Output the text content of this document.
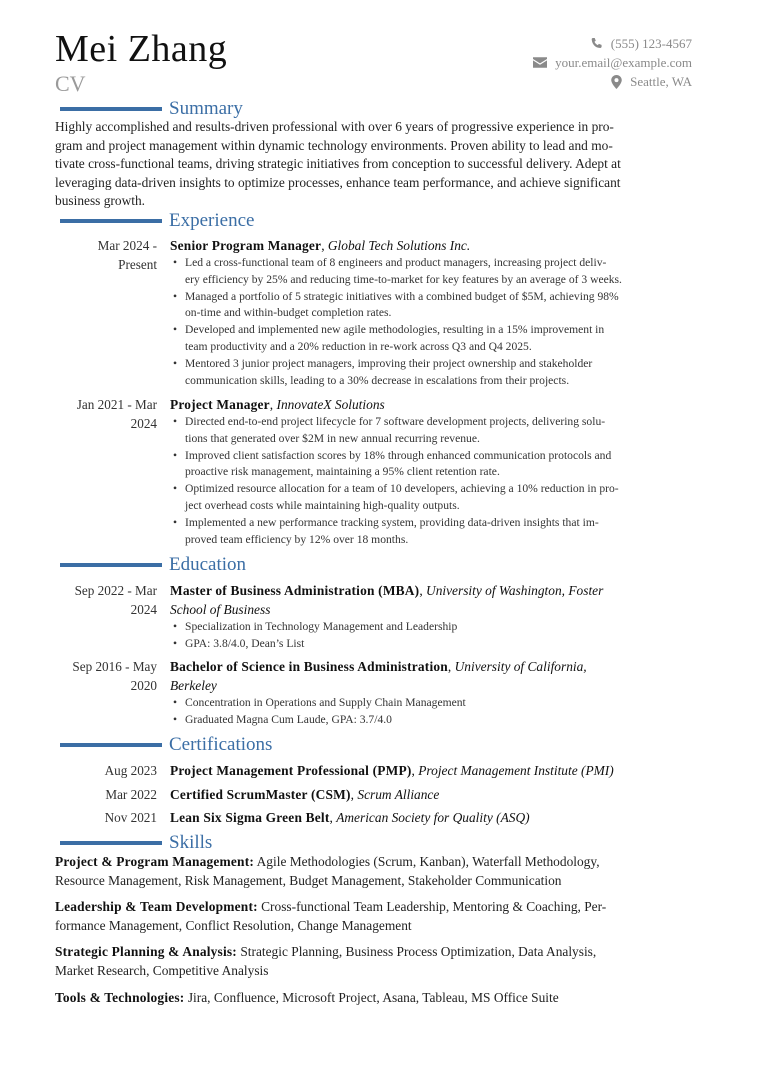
Mei Zhang
CV
(555) 123-4567
your.email@example.com
Seattle, WA
Summary
Highly accomplished and results-driven professional with over 6 years of progressive experience in pro-
gram and project management within dynamic technology environments. Proven ability to lead and mo-
tivate cross-functional teams, driving strategic initiatives from conception to successful delivery. Adept at
leveraging data-driven insights to optimize processes, enhance team performance, and achieve significant
business growth.
Experience
Mar 2024 -
Present
Senior Program Manager, Global Tech Solutions Inc.
• Led a cross-functional team of 8 engineers and product managers, increasing project deliv-
ery efficiency by 25% and reducing time-to-market for key features by an average of 3 weeks.
• Managed a portfolio of 5 strategic initiatives with a combined budget of $5M, achieving 98%
on-time and within-budget completion rates.
• Developed and implemented new agile methodologies, resulting in a 15% improvement in
team productivity and a 20% reduction in re-work across Q3 and Q4 2025.
• Mentored 3 junior project managers, improving their project ownership and stakeholder
communication skills, leading to a 30% decrease in escalations from their projects.
Jan 2021 - Mar
2024
Project Manager, InnovateX Solutions
• Directed end-to-end project lifecycle for 7 software development projects, delivering solu-
tions that generated over $2M in new annual recurring revenue.
• Improved client satisfaction scores by 18% through enhanced communication protocols and
proactive risk management, maintaining a 95% client retention rate.
• Optimized resource allocation for a team of 10 developers, achieving a 10% reduction in pro-
ject overhead costs while maintaining high-quality outputs.
• Implemented a new performance tracking system, providing data-driven insights that im-
proved team efficiency by 12% over 18 months.
Education
Sep 2022 - Mar
2024
Master of Business Administration (MBA), University of Washington, Foster
School of Business
• Specialization in Technology Management and Leadership
• GPA: 3.8/4.0, Dean’s List
Sep 2016 - May
2020
Bachelor of Science in Business Administration, University of California,
Berkeley
• Concentration in Operations and Supply Chain Management
• Graduated Magna Cum Laude, GPA: 3.7/4.0
Certifications
Aug 2023 Project Management Professional (PMP), Project Management Institute (PMI)
Mar 2022 Certified ScrumMaster (CSM), Scrum Alliance
Nov 2021 Lean Six Sigma Green Belt, American Society for Quality (ASQ)
Skills
Project & Program Management: Agile Methodologies (Scrum, Kanban), Waterfall Methodology,
Resource Management, Risk Management, Budget Management, Stakeholder Communication
Leadership & Team Development: Cross-functional Team Leadership, Mentoring & Coaching, Per-
formance Management, Conflict Resolution, Change Management
Strategic Planning & Analysis: Strategic Planning, Business Process Optimization, Data Analysis,
Market Research, Competitive Analysis
Tools & Technologies: Jira, Confluence, Microsoft Project, Asana, Tableau, MS Office Suite
